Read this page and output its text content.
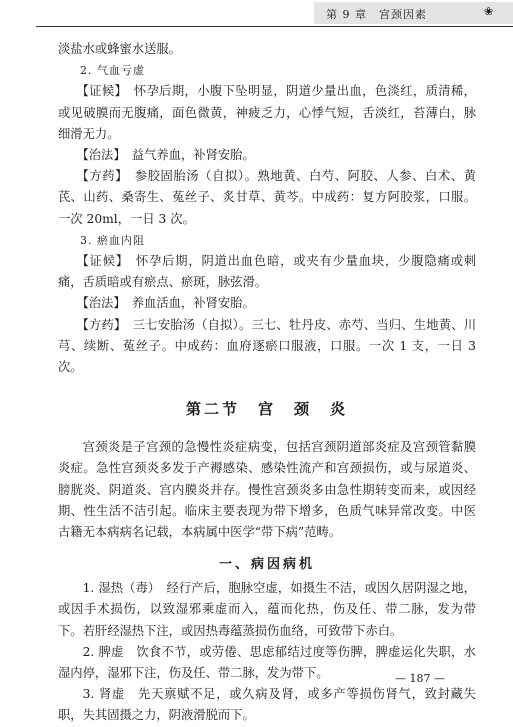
第 9 章　宫颈因素	❀

淡盐水或蜂蜜水送服。

2. 气血亏虚

【证候】　 怀孕后期，小腹下坠明显，阴道少量出血，色淡红，质清稀，或见破膜而无腹痛，面色微黄，神疲乏力，心悸气短，舌淡红，苔薄白，脉细滑无力。

【治法】　 益气养血，补肾安胎。

【方药】　 参胶固胎汤（自拟）。熟地黄、白芍、阿胶、人参、白术、黄芪、山药、桑寄生、菟丝子、炙甘草、黄芩。中成药：复方阿胶浆，口服。一次 20ml，一日 3 次。

3. 瘀血内阻

【证候】　 怀孕后期，阴道出血色暗，或夹有少量血块，少腹隐痛或刺痛，舌质暗或有瘀点、瘀斑，脉弦滑。

【治法】　 养血活血，补肾安胎。

【方药】　 三七安胎汤（自拟）。三七、牡丹皮、赤芍、当归、生地黄、川芎、续断、菟丝子。中成药：血府逐瘀口服液，口服。一次 1 支，一日 3 次。

第二节 宫　颈　炎

宫颈炎是子宫颈的急慢性炎症病变，包括宫颈阴道部炎症及宫颈管黏膜炎症。急性宫颈炎多发于产褥感染、感染性流产和宫颈损伤，或与尿道炎、膀胱炎、阴道炎、宫内膜炎并存。慢性宫颈炎多由急性期转变而来，或因经期、性生活不洁引起。临床主要表现为带下增多，色质气味异常改变。中医古籍无本病病名记载，本病属中医学“带下病”范畴。

一、病因病机

1. 湿热（毒）　 经行产后，胞脉空虚，如摄生不洁，或因久居阴湿之地，或因手术损伤，以致湿邪乘虚而入，蕴而化热，伤及任、带二脉，发为带下。若肝经湿热下注，或因热毒蕴蒸损伤血络，可致带下赤白。

2. 脾虚　 饮食不节，或劳倦、思虑郁结过度等伤脾，脾虚运化失职，水湿内停，湿邪下注，伤及任、带二脉，发为带下。

3. 肾虚　 先天禀赋不足，或久病及肾，或多产等损伤肾气，致封藏失职，失其固摄之力，阴液滑脱而下。

— 187 —
